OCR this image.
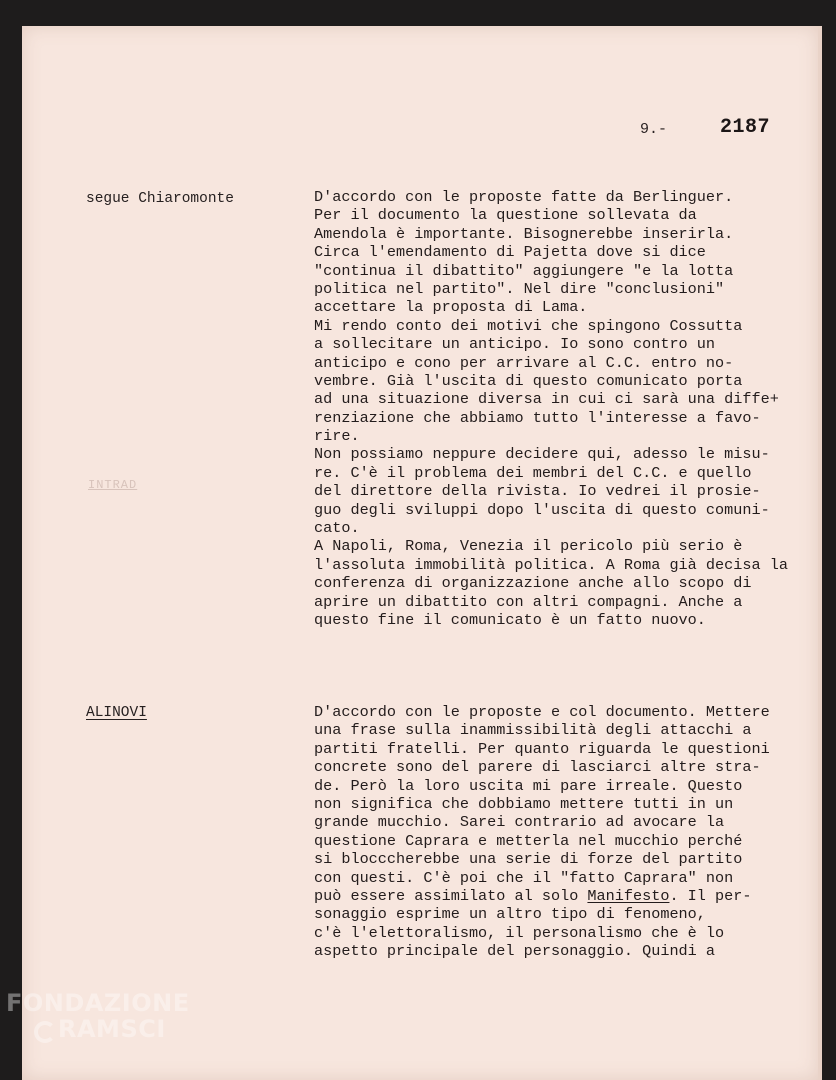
9.-	2187
segue Chiaromonte
INTRAD
ALINOVI
D'accordo con le proposte fatte da Berlinguer.
Per il documento la questione sollevata da
Amendola è importante. Bisognerebbe inserirla.
Circa l'emendamento di Pajetta dove si dice
"continua il dibattito" aggiungere "e la lotta
politica nel partito". Nel dire "conclusioni"
accettare la proposta di Lama.
Mi rendo conto dei motivi che spingono Cossutta
a sollecitare un anticipo. Io sono contro un
anticipo e cono per arrivare al C.C. entro no-
vembre. Già l'uscita di questo comunicato porta
ad una situazione diversa in cui ci sarà una diffe+
renziazione che abbiamo tutto l'interesse a favo-
rire.
Non possiamo neppure decidere qui, adesso le misu-
re. C'è il problema dei membri del C.C. e quello
del direttore della rivista. Io vedrei il prosie-
guo degli sviluppi dopo l'uscita di questo comuni-
cato.
A Napoli, Roma, Venezia il pericolo più serio è
l'assoluta immobilità politica. A Roma già decisa la
conferenza di organizzazione anche allo scopo di
aprire un dibattito con altri compagni. Anche a
questo fine il comunicato è un fatto nuovo.
D'accordo con le proposte e col documento. Mettere
una frase sulla inammissibilità degli attacchi a
partiti fratelli. Per quanto riguarda le questioni
concrete sono del parere di lasciarci altre stra-
de. Però la loro uscita mi pare irreale. Questo
non significa che dobbiamo mettere tutti in un
grande mucchio. Sarei contrario ad avocare la
questione Caprara e metterla nel mucchio perché
si blocccherebbe una serie di forze del partito
con questi. C'è poi che il "fatto Caprara" non
può essere assimilato al solo Manifesto. Il per-
sonaggio esprime un altro tipo di fenomeno,
c'è l'elettoralismo, il personalismo che è lo
aspetto principale del personaggio. Quindi a
FONDAZIONE
RAMSCI
